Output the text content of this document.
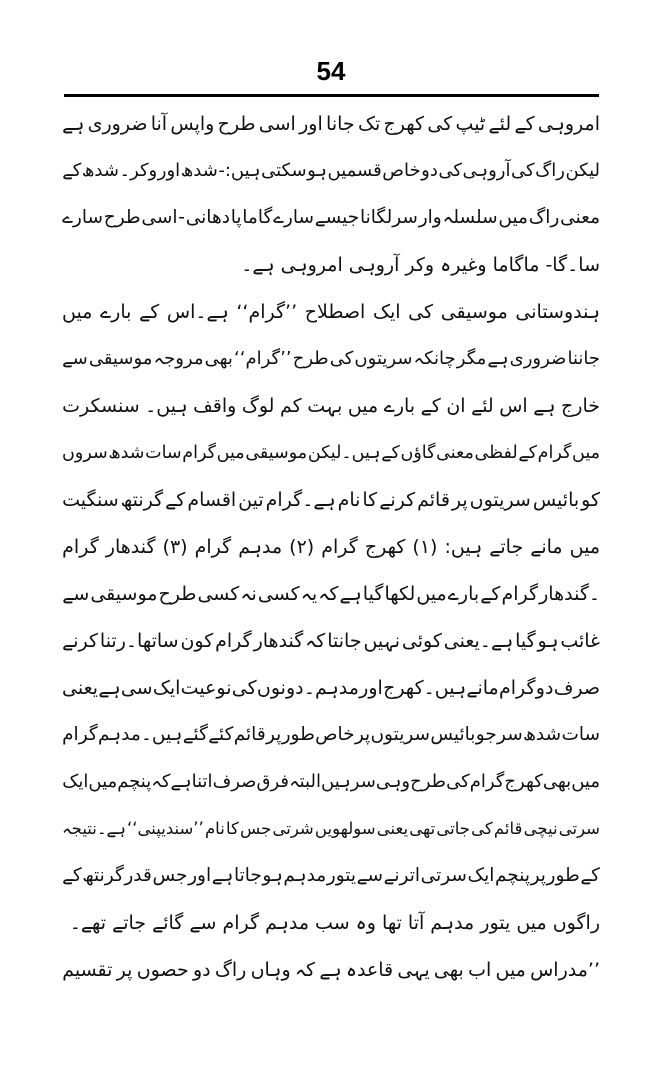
54
امروہی
کے
لئے
ٹیپ
کی
کھرج
تک
جانا
اور
اسی
طرح
واپس
آنا
ضروری
ہے
لیکن
راگ
کی
آروہی
کی
دو
خاص
قسمیں
ہو
سکتی
ہیں:-
شدھ
اور
وکر۔
شدھ
کے
معنی
راگ
میں
سلسلہ
وار
سرلگانا
جیسے
سارے
گاما
پا
دھانی
-
اسی
طرح
سارے
سا۔گا- ماگاما وغیرہ وکر آروہی امروہی ہے۔
ہندوستانی
موسیقی
کی
ایک
اصطلاح
’’گرام‘‘
ہے۔اس
کے
بارے
میں
جاننا
ضروری
ہے
مگر
چانکہ
سریتوں
کی
طرح
’’گرام‘‘
بھی
مروجہ
موسیقی
سے
خارج
ہے
اس
لئے
ان
کے
بارے
میں
بہت
کم
لوگ
واقف
ہیں۔
سنسکرت
میں
گرام
کے
لفظی
معنی
گاؤں
کے
ہیں۔لیکن
موسیقی
میں
گرام
سات
شدھ
سروں
کو
بائیس
سریتوں
پر
قائم
کرنے
کا
نام
ہے۔گرام
تین
اقسام
کے
گرنتھ
سنگیت
میں
مانے
جاتے
ہیں:
(۱)
کھرج
گرام
(۲)
مدہم
گرام
(۳)
گندھار
گرام
۔گندھار
گرام
کے
بارے
میں
لکھا
گیا
ہے
کہ
یہ
کسی
نہ
کسی
طرح
موسیقی
سے
غائب
ہو
گیا
ہے۔یعنی
کوئی
نہیں
جانتا
کہ
گندھار
گرام
کون
ساتھا۔رتنا
کرنے
صرف
دو
گرام
مانے
ہیں۔کھرج
اور
مدہم۔
دونوں
کی
نوعیت
ایک
سی
ہے
یعنی
سات
شدھ
سر
جو
بائیس
سریتوں
پر
خاص
طور
پر
قائم
کئے
گئے
ہیں۔
مدہم
گرام
میں
بھی
کھرج
گرام
کی
طرح
وہی
سر
ہیں
البتہ
فرق
صرف
اتنا
ہے
کہ
پنچم
میں
ایک
سرتی
نیچی
قائم
کی
جاتی
تھی
یعنی
سولھویں
شرتی
جس
کا
نام
’’سندیپنی‘‘
ہے۔نتیجہ
کے
طور
پر
پنچم
ایک
سرتی
اترنے
سے
یتور
مدہم
ہو
جاتا
ہے
اور
جس
قدر
گرنتھ
کے
راگوں میں یتور مدہم آتا تھا وہ سب مدہم گرام سے گائے جاتے تھے۔
’’مدراس
میں
اب
بھی
یہی
قاعدہ
ہے
کہ
وہاں
راگ
دو
حصوں
پر
تقسیم
